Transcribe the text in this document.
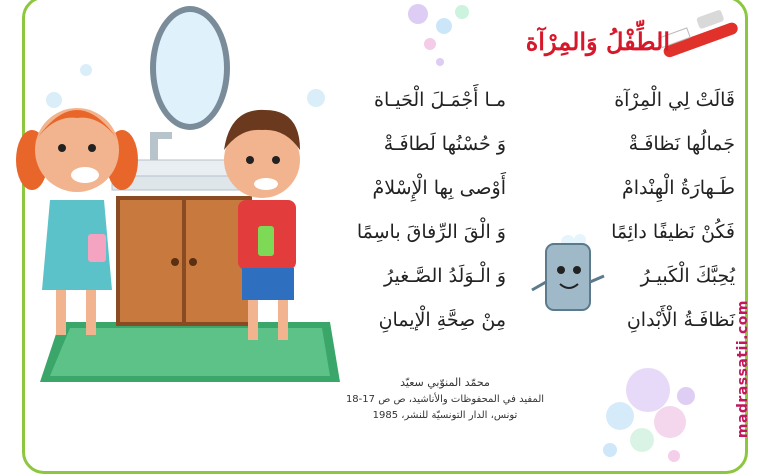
الطِّفْلُ وَالمِرْآة
قَالَتْ لِي الْمِرْآة
جَمالُها نَظافَـةْ
طَـهارَةُ الْهِنْدامْ
فَكُنْ نَظيفًا دائِمًا
يُحِبَّكَ الْكَبيـرُ
نَظافَـةُ الْأَبْدانِ
مـا أَجْمَـلَ الْحَيـاة
وَ حُسْنُها لَطافَـةْ
أَوْصى بِها الْإِسْلامْ
وَ الْقَ الرِّفاقَ باسِمًا
وَ الْـوَلَدُ الصَّـغيرُ
مِنْ صِحَّةِ الْإيمانِ
محمّد المنوّبي سعيّد
المفيد في المحفوظات والأناشيد، ص ص 17-18
تونس، الدار التونسيّة للنشر، 1985	madrassatii.com
